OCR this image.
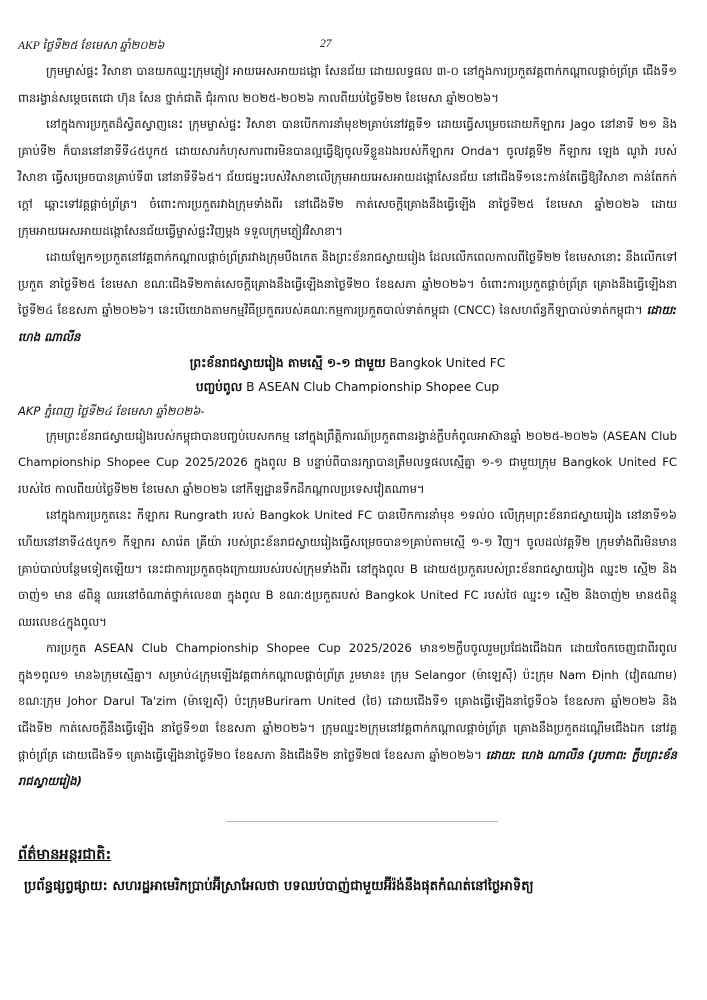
AKP ថ្ងៃទី២៥ ខែមេសា ឆ្នាំ២០២៦	27

ក្រុមម្ចាស់ផ្ទះ វិសាខា បានយកឈ្នះក្រុមភ្ញៀវ អាយអេសអាយដង្កោ សែនជ័យ ដោយលទ្ធផល ៣-០ នៅក្នុងការប្រកួតវគ្គពាក់កណ្តាលផ្តាច់ព្រ័ត្រ ជើងទី១ ពានរង្វាន់សម្តេចតេជោ ហ៊ុន សែន ថ្នាក់ជាតិ ជុំរកាល ២០២៥-២០២៦ កាលពីយប់ថ្ងៃទី២២ ខែមេសា ឆ្នាំ២០២៦។

នៅក្នុងការប្រកួតដ៏ស្វិតស្វាញនេះ ក្រុមម្ចាស់ផ្ទះ វិសាខា បានបើកការនាំមុខ២គ្រាប់នៅវគ្គទី១ ដោយធ្វើសម្រេចដោយកីឡាករ Jago នៅនាទី ២១ និងគ្រាប់ទី២ ក៏បាននៅនាទីទី៤៥បូក៥ ដោយសារកំហុសការពារមិនបានល្អធ្វើឱ្យចូលទីខ្លួនឯងរបស់កីឡាករ Onda។ ចូលវគ្គទី២ កីឡាករ ឡេង ណូវ៉ា របស់វិសាខា ធ្វើសម្រេចបានគ្រាប់ទី៣ នៅនាទីទី៦៥។ ជ័យជម្នះរបស់វិសាខាលើក្រុមអាយអេសអាយដង្កោសែនជ័យ នៅជើងទី១នេះកាន់តែធ្វើឱ្យវិសាខា កាន់តែកក់ក្តៅ ឆ្ពោះទៅវគ្គផ្តាច់ព្រ័ត្រ។ ចំពោះការប្រកួតរវាងក្រុមទាំងពីរ នៅជើងទី២ កាត់សេចក្តីគ្រោងនឹងធ្វើឡើង នាថ្ងៃទី២៥ ខែមេសា ឆ្នាំ២០២៦ ដោយក្រុមអាយអេសអាយដង្កោសែនជ័យធ្វើម្ចាស់ផ្ទះវិញម្តង ទទួលក្រុមភ្ញៀវវិសាខា។

ដោយឡែក១ប្រកួតនៅវគ្គពាក់កណ្តាលផ្តាច់ព្រ័ត្ររវាងក្រុមបឹងកេត និងព្រះខ័នរាជស្វាយរៀង ដែលលើកពេលកាលពីថ្ងៃទី២២ ខែមេសានោះ នឹងលើកទៅប្រកួត នាថ្ងៃទី២៥ ខែមេសា ខណៈជើងទី២កាត់សេចក្តីគ្រោងនឹងធ្វើឡើងនាថ្ងៃទី២០ ខែឧសភា ឆ្នាំ២០២៦។ ចំពោះការប្រកួតផ្តាច់ព្រ័ត្រ គ្រោងនឹងធ្វើឡើងនាថ្ងៃទី២៤ ខែឧសភា ឆ្នាំ២០២៦។ នេះបើយោងតាមកម្មវិធីប្រកួតរបស់គណៈកម្មការប្រកួតបាល់ទាត់កម្ពុជា (CNCC) នៃសហព័ន្ធកីឡាបាល់ទាត់កម្ពុជា។ ដោយ: ហេង ណាលីន

ព្រះខ័នរាជស្វាយរៀង តាមស្មើ ១-១ ជាមួយ Bangkok United FC

បញ្ចប់ពូល B ASEAN Club Championship Shopee Cup

AKP ភ្នំពេញ ថ្ងៃទី២៤ ខែមេសា ឆ្នាំ២០២៦-

ក្រុមព្រះខ័នរាជស្វាយរៀងរបស់កម្ពុជាបានបញ្ចប់បេសកកម្ម នៅក្នុងព្រឹត្តិការណ៍ប្រកួតពានរង្វាន់ក្លឹបកំពូលអាស៊ានឆ្នាំ ២០២៥-២០២៦ (ASEAN Club Championship Shopee Cup 2025/2026 ក្នុងពូល B បន្ទាប់ពីបានរក្សាបានត្រឹមលទ្ធផលស្មើគ្នា ១-១ ជាមួយក្រុម Bangkok United FC របស់ថៃ កាលពីយប់ថ្ងៃទី២២ ខែមេសា ឆ្នាំ២០២៦ នៅកីឡដ្ឋានទឹកដីកណ្តាលប្រទេសវៀតណាម។

នៅក្នុងការប្រកួតនេះ កីឡាករ Rungrath របស់ Bangkok United FC បានបើកការនាំមុខ ១ទល់០ លើក្រុមព្រះខ័នរាជស្វាយរៀង នៅនាទី១៦ ហើយនៅនាទី៤៥បូក១ កីឡាករ សារ៉េត គ្រីយ៉ា របស់ព្រះខ័នរាជស្វាយរៀងធ្វើសម្រេចបាន១គ្រាប់តាមស្មើ ១-១ វិញ។ ចូលដល់វគ្គទី២ ក្រុមទាំងពីរមិនមានគ្រាប់បាល់បន្ថែមទៀតឡើយ។ នេះជាការប្រកួតចុងក្រោយរបស់របស់ក្រុមទាំងពីរ នៅក្នុងពូល B ដោយ៥ប្រកួតរបស់ព្រះខ័នរាជស្វាយរៀង ឈ្នះ២ ស្មើ២ និងចាញ់១ មាន ៨ពិន្ទុ ឈរនៅចំណាត់ថ្នាក់លេខ៣ ក្នុងពូល B ខណៈ៥ប្រកួតរបស់ Bangkok United FC របស់ថៃ ឈ្នះ១ ស្មើ២ និងចាញ់២ មាន៥ពិន្ទុ ឈរលេខ៤ក្នុងពូល។

ការប្រកួត ASEAN Club Championship Shopee Cup 2025/2026 មាន១២ក្លឹបចូលរួមប្រជែងជើងឯក ដោយចែកចេញជាពីរពូល ក្នុង១ពូល១ មាន៦ក្រុមស្មើគ្នា។ សម្រាប់៤ក្រុមឡើងវគ្គពាក់កណ្តាលផ្តាច់ព្រ័ត្រ រួមមាន៖ ក្រុម Selangor (ម៉ាឡេស៊ី) ប៉ះក្រុម Nam Định (វៀតណាម) ខណៈក្រុម Johor Darul Ta'zim (ម៉ាឡេស៊ី) ប៉ះក្រុមBuriram United (ថៃ) ដោយជើងទី១ គ្រោងធ្វើឡើងនាថ្ងៃទី០៦ ខែឧសភា ឆ្នាំ២០២៦ និងជើងទី២ កាត់សេចក្តីនឹងធ្វើឡើង នាថ្ងៃទី១៣ ខែឧសភា ឆ្នាំ២០២៦។ ក្រុមឈ្នះ២ក្រុមនៅវគ្គពាក់កណ្តាលផ្តាច់ព្រ័ត្រ គ្រោងនឹងប្រកួតដណ្តើមជើងឯក នៅវគ្គផ្តាច់ព្រ័ត្រ ដោយជើងទី១ គ្រោងធ្វើឡើងនាថ្ងៃទី២០ ខែឧសភា និងជើងទី២ នាថ្ងៃទី២៧ ខែឧសភា ឆ្នាំ២០២៦។ ដោយ: ហេង ណាលីន (រូបភាព: ក្លឹបព្រះខ័នរាជស្វាយរៀង)

ព័ត៌មានអន្តរជាតិ:

ប្រព័ន្ធផ្សព្វផ្សាយ: សហរដ្ឋអាមេរិកប្រាប់អ៊ីស្រាអែលថា បទឈប់បាញ់ជាមួយអ៊ីរ៉ង់នឹងផុតកំណត់នៅថ្ងៃអាទិត្យ
